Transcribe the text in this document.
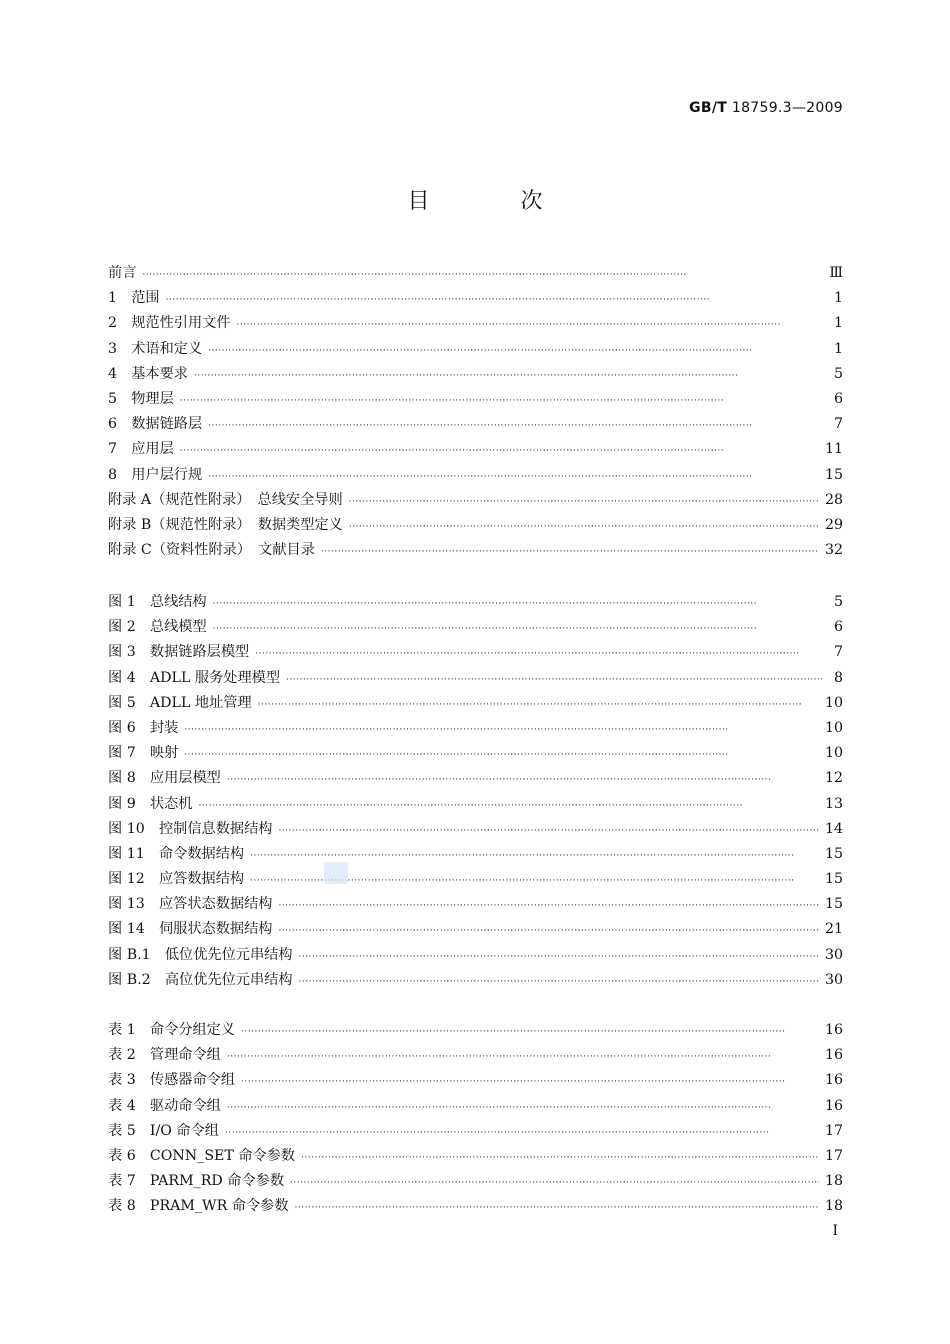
GB/T 18759.3—2009
目 次
前言 ·····	Ⅲ
1　范围 ·····	1
2　规范性引用文件 ·····	1
3　术语和定义 ·····	1
4　基本要求 ·····	5
5　物理层 ·····	6
6　数据链路层 ·····	7
7　应用层 ·····	11
8　用户层行规 ·····	15
附录 A（规范性附录）　总线安全导则 ·····	28
附录 B（规范性附录）　数据类型定义 ·····	29
附录 C（资料性附录）　文献目录 ·····	32
图 1　总线结构 ·····	5
图 2　总线模型 ·····	6
图 3　数据链路层模型 ·····	7
图 4　ADLL 服务处理模型 ·····	8
图 5　ADLL 地址管理 ·····	10
图 6　封装 ·····	10
图 7　映射 ·····	10
图 8　应用层模型 ·····	12
图 9　状态机 ·····	13
图 10　控制信息数据结构 ·····	14
图 11　命令数据结构 ·····	15
图 12　应答数据结构 ·····	15
图 13　应答状态数据结构 ·····	15
图 14　伺服状态数据结构 ·····	21
图 B.1　低位优先位元串结构 ·····	30
图 B.2　高位优先位元串结构 ·····	30
表 1　命令分组定义 ·····	16
表 2　管理命令组 ·····	16
表 3　传感器命令组 ·····	16
表 4　驱动命令组 ·····	16
表 5　I/O 命令组 ·····	17
表 6　CONN_SET 命令参数 ·····	17
表 7　PARM_RD 命令参数 ·····	18
表 8　PRAM_WR 命令参数 ·····	18
I
